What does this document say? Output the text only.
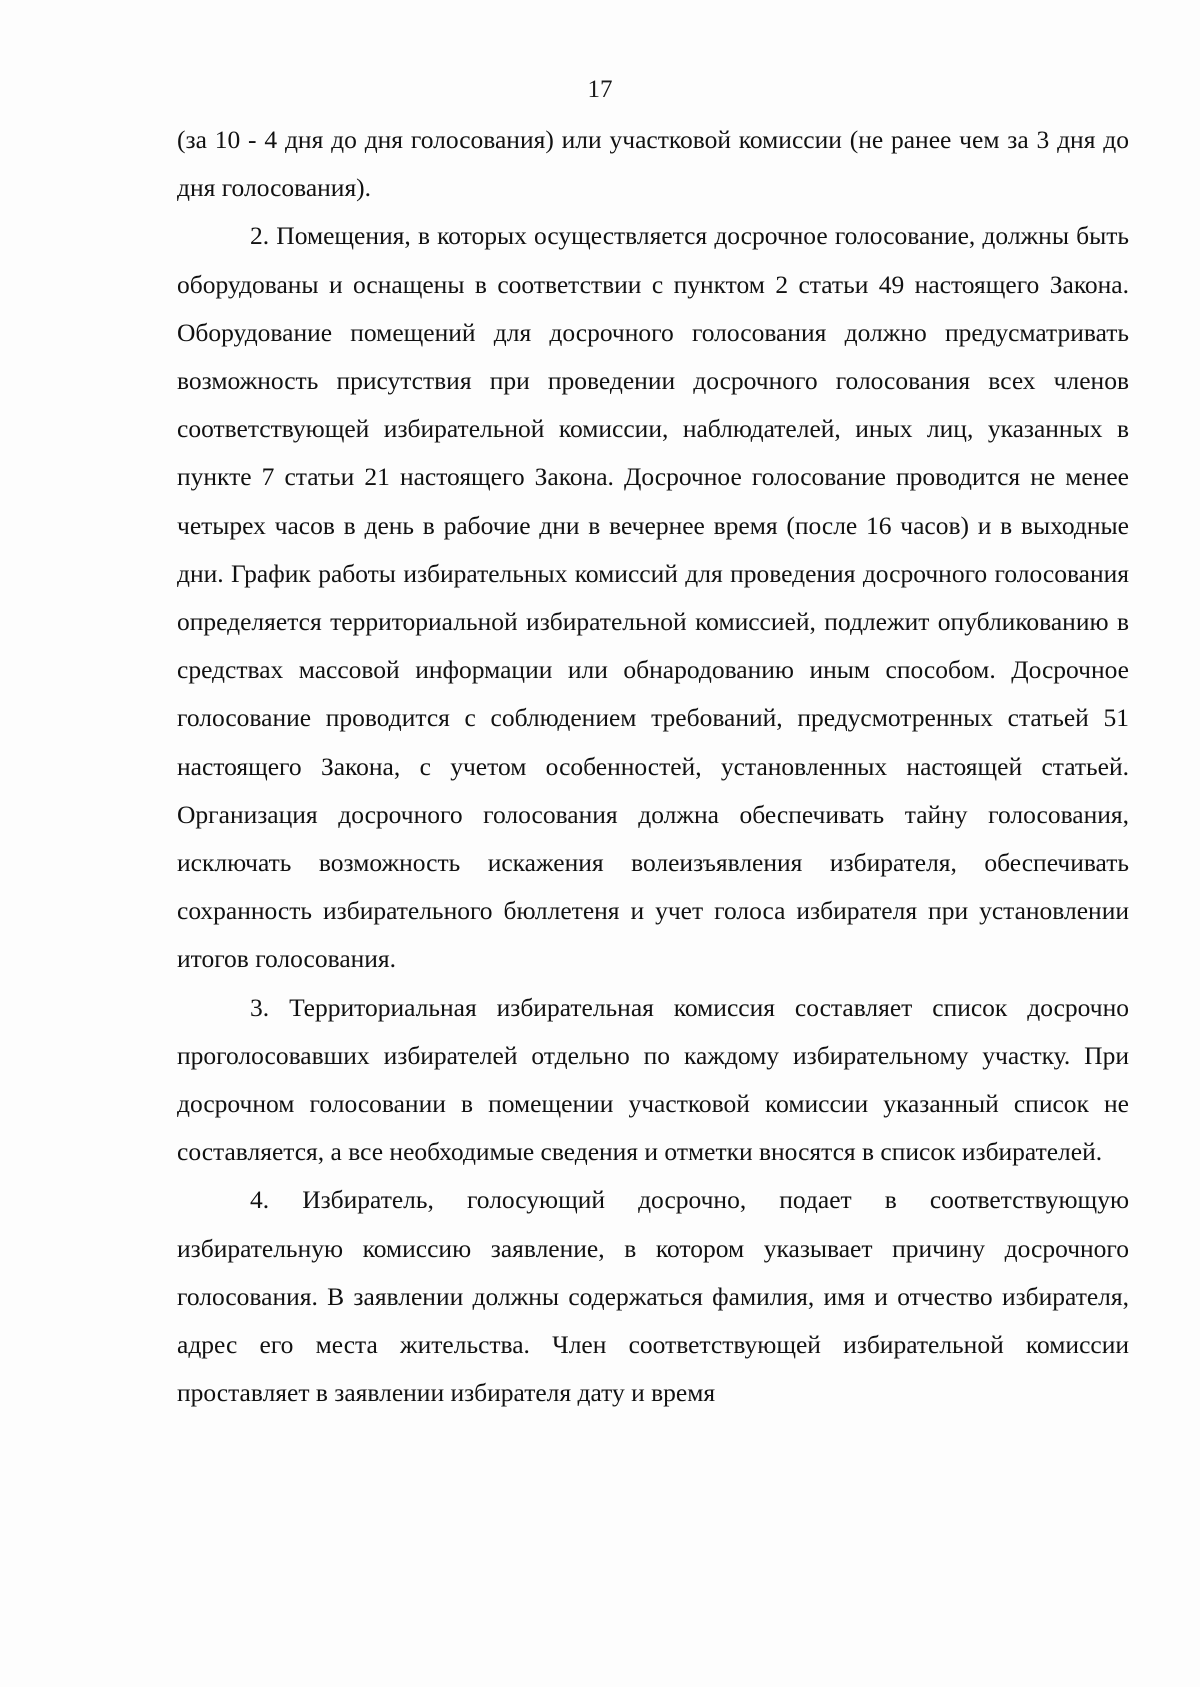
17

(за 10 - 4 дня до дня голосования) или участковой комиссии (не ранее чем за 3 дня до дня голосования).

2. Помещения, в которых осуществляется досрочное голосование, должны быть оборудованы и оснащены в соответствии с пунктом 2 статьи 49 настоящего Закона. Оборудование помещений для досрочного голосования должно предусматривать возможность присутствия при проведении досрочного голосования всех членов соответствующей избирательной комиссии, наблюдателей, иных лиц, указанных в пункте 7 статьи 21 настоящего Закона. Досрочное голосование проводится не менее четырех часов в день в рабочие дни в вечернее время (после 16 часов) и в выходные дни. График работы избирательных комиссий для проведения досрочного голосования определяется территориальной избирательной комиссией, подлежит опубликованию в средствах массовой информации или обнародованию иным способом. Досрочное голосование проводится с соблюдением требований, предусмотренных статьей 51 настоящего Закона, с учетом особенностей, установленных настоящей статьей. Организация досрочного голосования должна обеспечивать тайну голосования, исключать возможность искажения волеизъявления избирателя, обеспечивать сохранность избирательного бюллетеня и учет голоса избирателя при установлении итогов голосования.

3. Территориальная избирательная комиссия составляет список досрочно проголосовавших избирателей отдельно по каждому избирательному участку. При досрочном голосовании в помещении участковой комиссии указанный список не составляется, а все необходимые сведения и отметки вносятся в список избирателей.

4. Избиратель, голосующий досрочно, подает в соответствующую избирательную комиссию заявление, в котором указывает причину досрочного голосования. В заявлении должны содержаться фамилия, имя и отчество избирателя, адрес его места жительства. Член соответствующей избирательной комиссии проставляет в заявлении избирателя дату и время
